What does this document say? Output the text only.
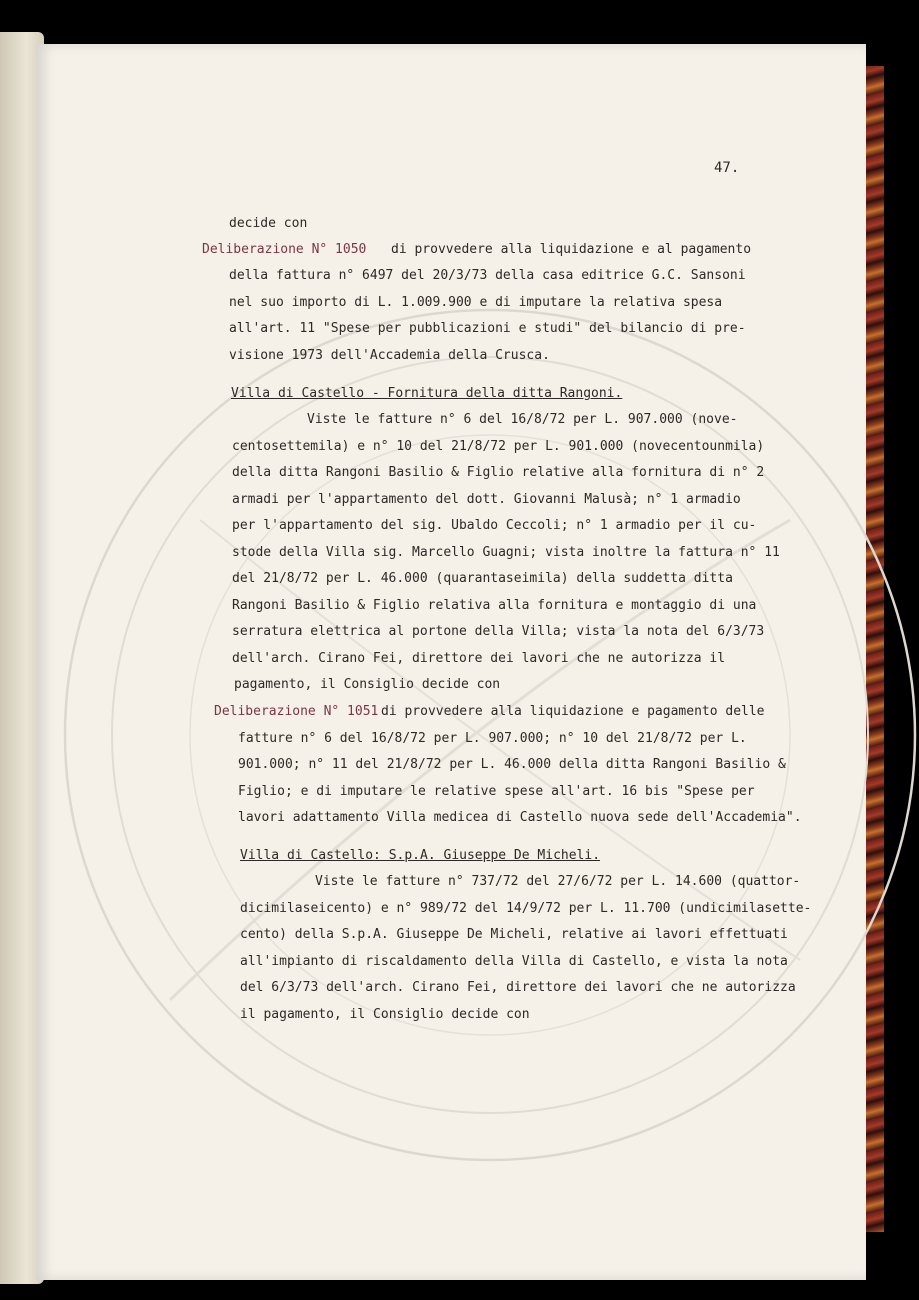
47.

decide con

Deliberazione N° 1050 di provvedere alla liquidazione e al pagamento

della fattura n° 6497 del 20/3/73 della casa editrice G.C. Sansoni

nel suo importo di L. 1.009.900 e di imputare la relativa spesa

all'art. 11 "Spese per pubblicazioni e studi" del bilancio di pre-

visione 1973 dell'Accademia della Crusca.

Villa di Castello - Fornitura della ditta Rangoni.

Viste le fatture n° 6 del 16/8/72 per L. 907.000 (nove-

centosettemila) e n° 10 del 21/8/72 per L. 901.000 (novecentounmila)

della ditta Rangoni Basilio & Figlio relative alla fornitura di n° 2

armadi per l'appartamento del dott. Giovanni Malusà; n° 1 armadio

per l'appartamento del sig. Ubaldo Ceccoli; n° 1 armadio per il cu-

stode della Villa sig. Marcello Guagni; vista inoltre la fattura n° 11

del 21/8/72 per L. 46.000 (quarantaseimila) della suddetta ditta

Rangoni Basilio & Figlio relativa alla fornitura e montaggio di una

serratura elettrica al portone della Villa; vista la nota del 6/3/73

dell'arch. Cirano Fei, direttore dei lavori che ne autorizza il

pagamento, il Consiglio decide con

Deliberazione N° 1051 di provvedere alla liquidazione e pagamento delle

fatture n° 6 del 16/8/72 per L. 907.000; n° 10 del 21/8/72 per L.

901.000; n° 11 del 21/8/72 per L. 46.000 della ditta Rangoni Basilio &

Figlio; e di imputare le relative spese all'art. 16 bis "Spese per

lavori adattamento Villa medicea di Castello nuova sede dell'Accademia".

Villa di Castello: S.p.A. Giuseppe De Micheli.

Viste le fatture n° 737/72 del 27/6/72 per L. 14.600 (quattor-

dicimilaseicento) e n° 989/72 del 14/9/72 per L. 11.700 (undicimilasette-

cento) della S.p.A. Giuseppe De Micheli, relative ai lavori effettuati

all'impianto di riscaldamento della Villa di Castello, e vista la nota

del 6/3/73 dell'arch. Cirano Fei, direttore dei lavori che ne autorizza

il pagamento, il Consiglio decide con
